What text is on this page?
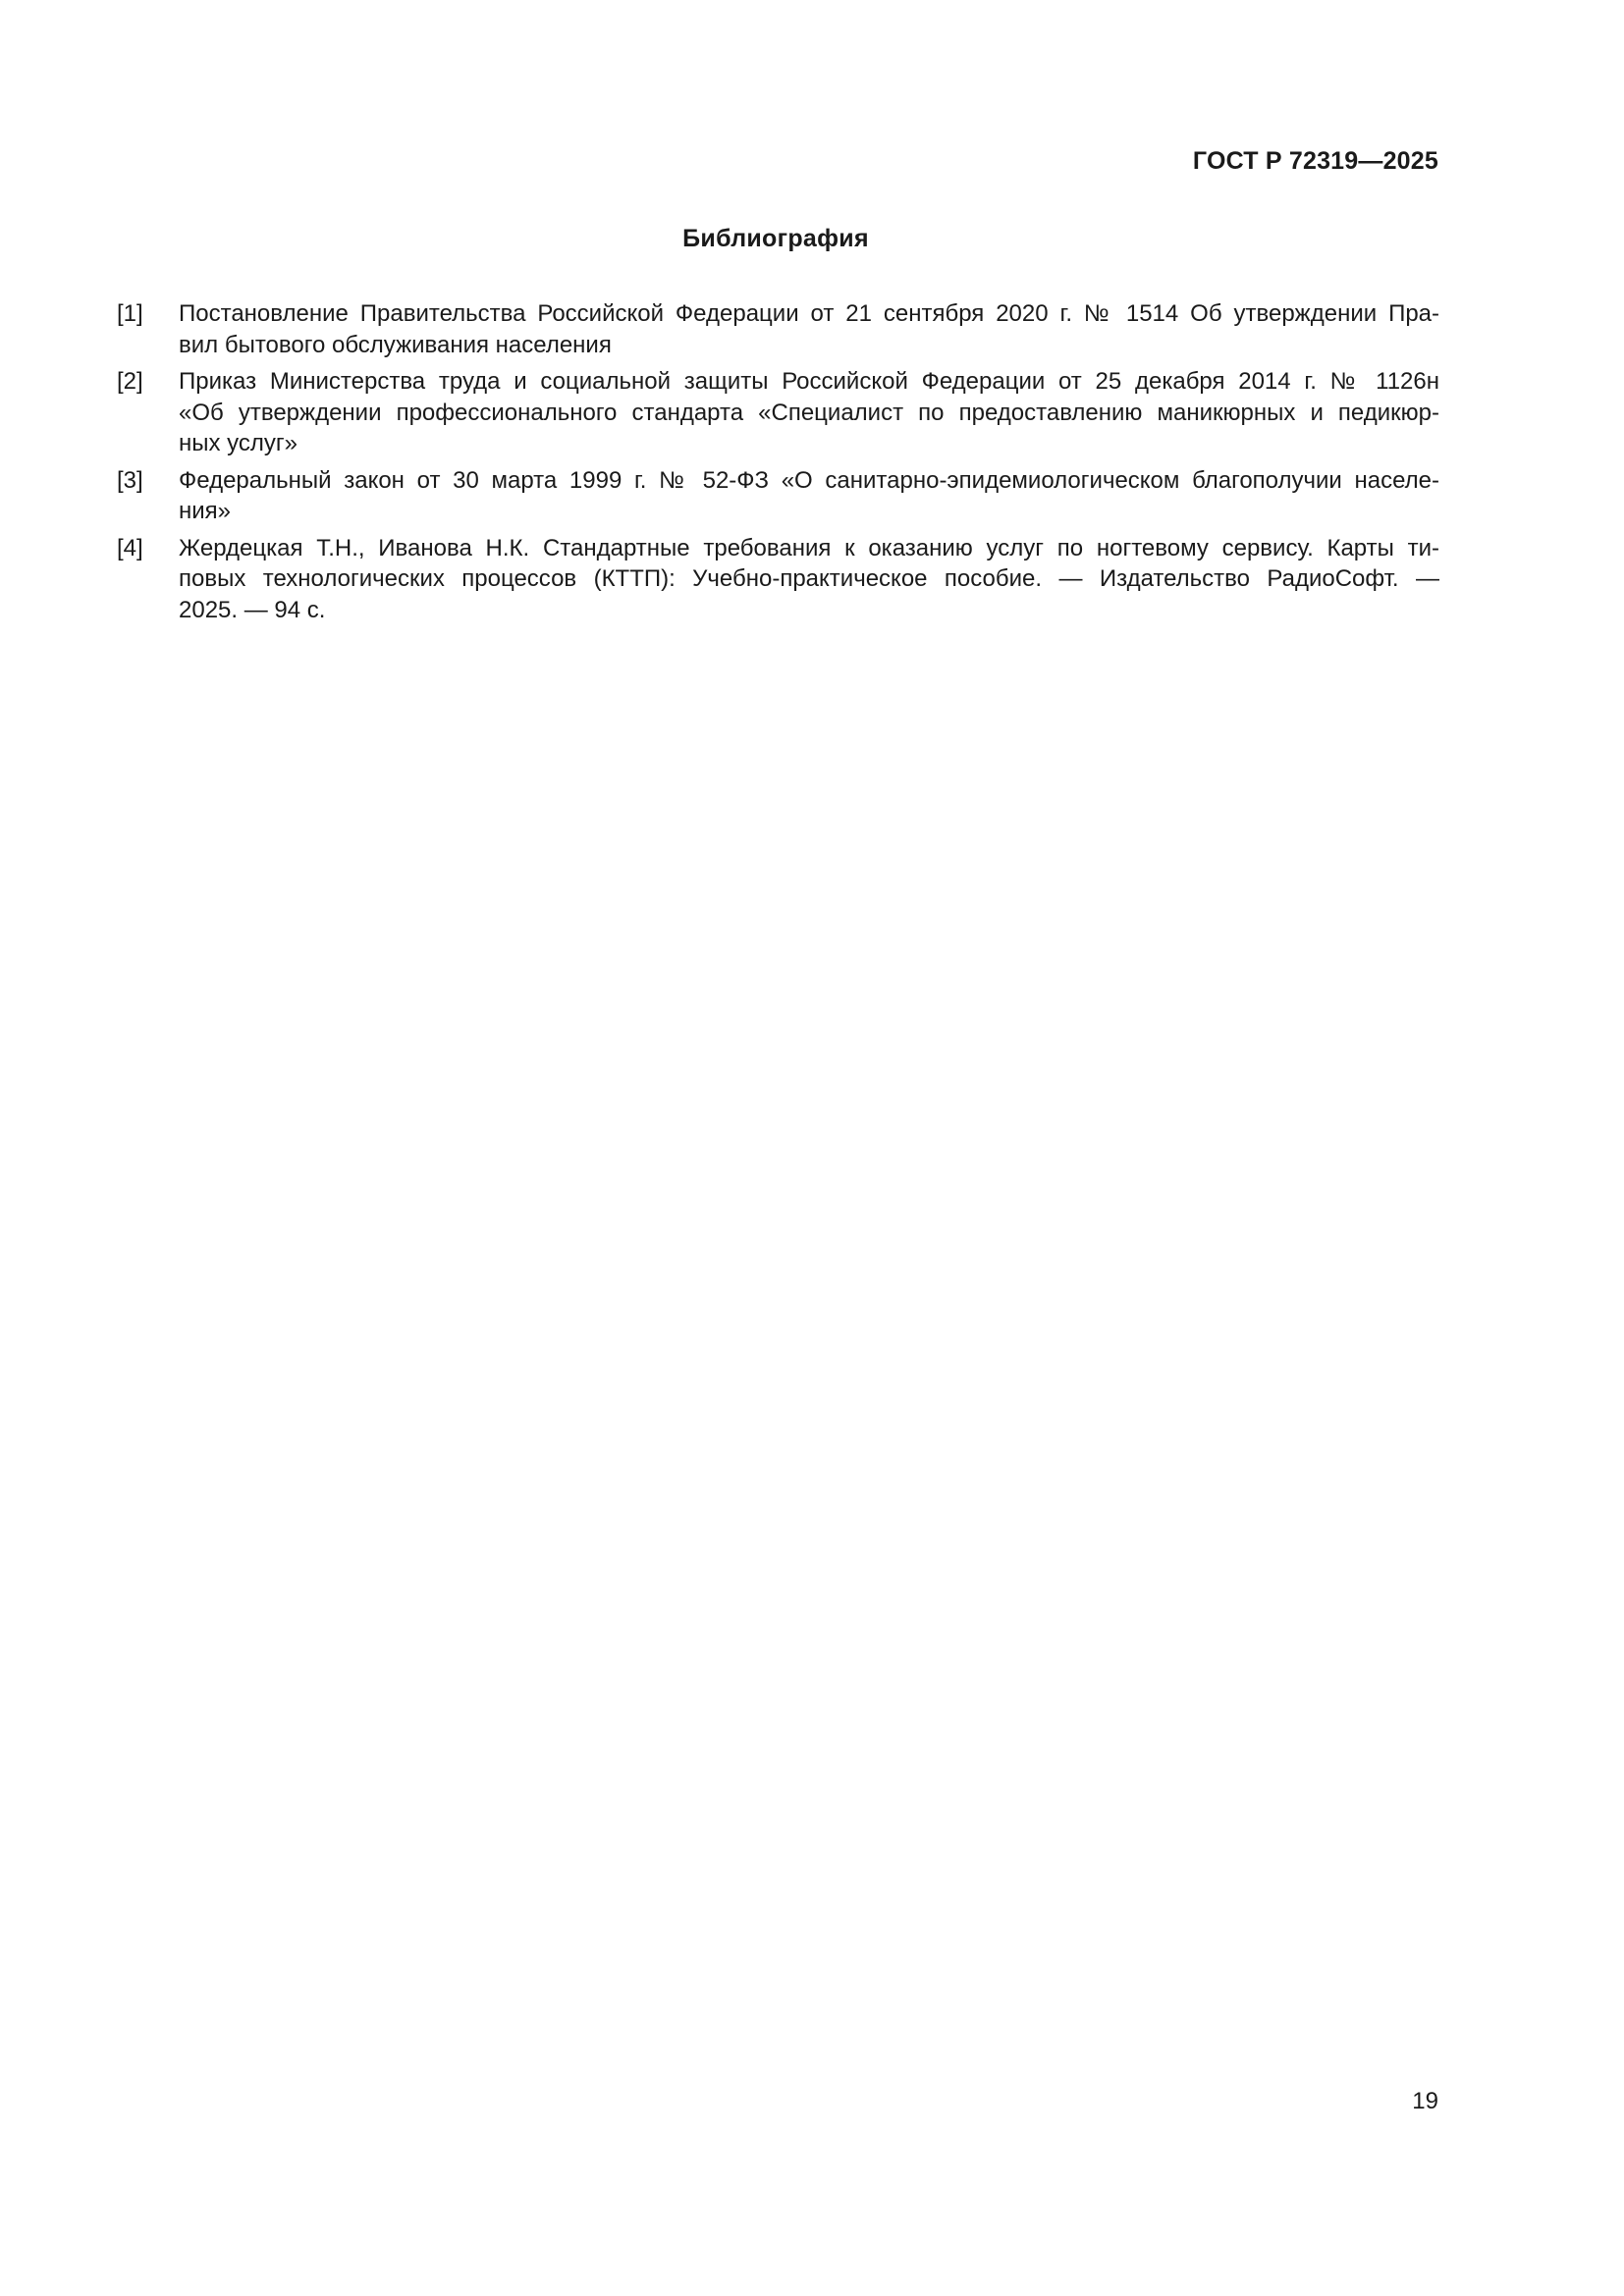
ГОСТ Р 72319—2025
Библиография
[1]	Постановление Правительства Российской Федерации от 21 сентября 2020 г. № 1514 Об утверждении Пра-
вил бытового обслуживания населения
[2]	Приказ Министерства труда и социальной защиты Российской Федерации от 25 декабря 2014 г. № 1126н
«Об утверждении профессионального стандарта «Специалист по предоставлению маникюрных и педикюр-
ных услуг»
[3]	Федеральный закон от 30 марта 1999 г. № 52-ФЗ «О санитарно-эпидемиологическом благополучии населе-
ния»
[4]	Жердецкая Т.Н., Иванова Н.К. Стандартные требования к оказанию услуг по ногтевому сервису. Карты ти-
повых технологических процессов (КТТП): Учебно-практическое пособие. — Издательство РадиоСофт. —
2025. — 94 с.
19
